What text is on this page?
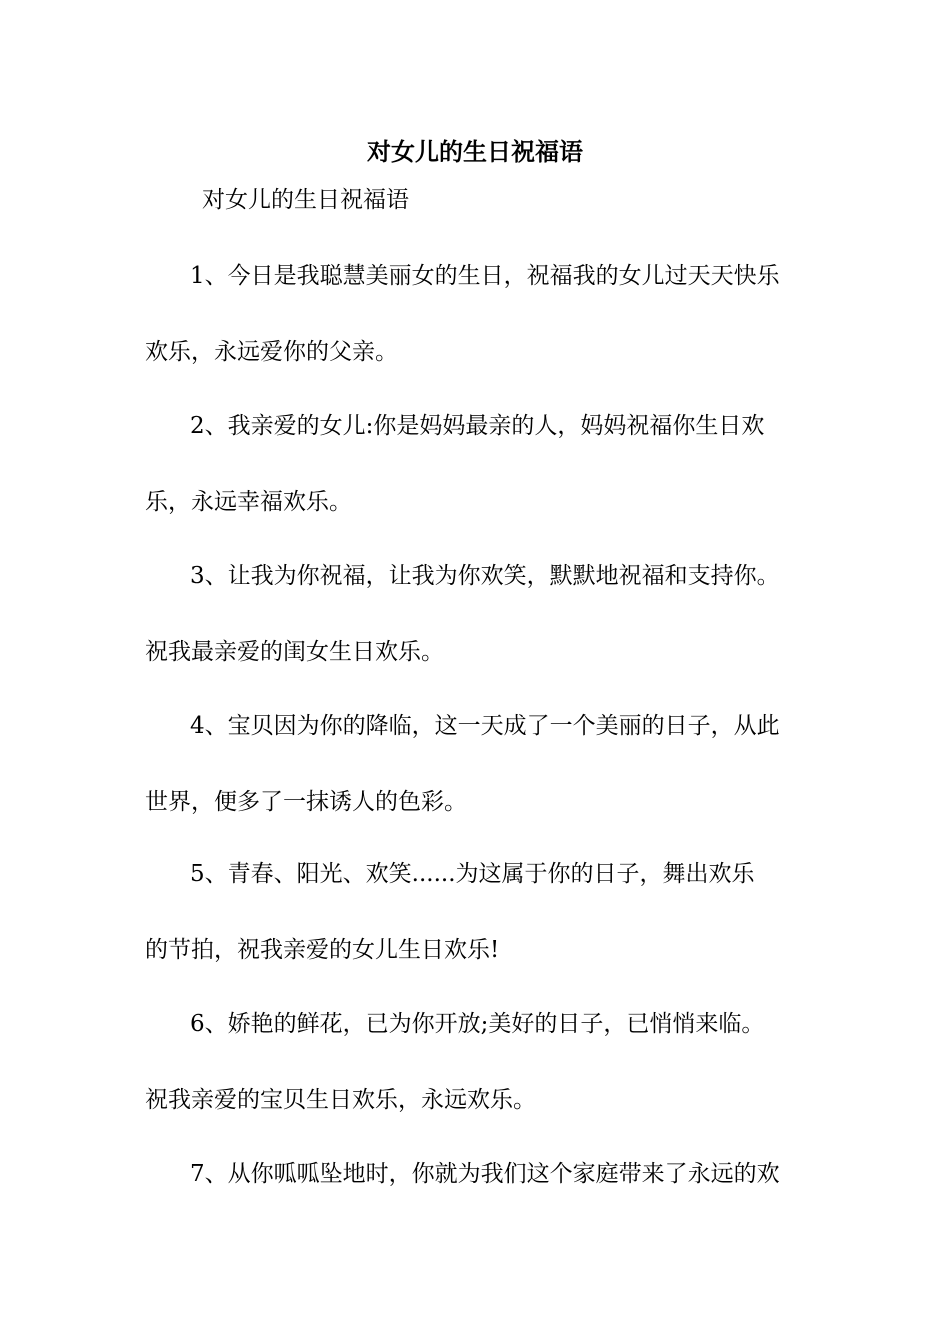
对女儿的生日祝福语

对女儿的生日祝福语

1、今日是我聪慧美丽女的生日，祝福我的女儿过天天快乐

欢乐，永远爱你的父亲。

2、我亲爱的女儿:你是妈妈最亲的人，妈妈祝福你生日欢

乐，永远幸福欢乐。

3、让我为你祝福，让我为你欢笑，默默地祝福和支持你。

祝我最亲爱的闺女生日欢乐。

4、宝贝因为你的降临，这一天成了一个美丽的日子，从此

世界，便多了一抹诱人的色彩。

5、青春、阳光、欢笑......为这属于你的日子，舞出欢乐

的节拍，祝我亲爱的女儿生日欢乐!

6、娇艳的鲜花，已为你开放;美好的日子，已悄悄来临。

祝我亲爱的宝贝生日欢乐，永远欢乐。

7、从你呱呱坠地时，你就为我们这个家庭带来了永远的欢
